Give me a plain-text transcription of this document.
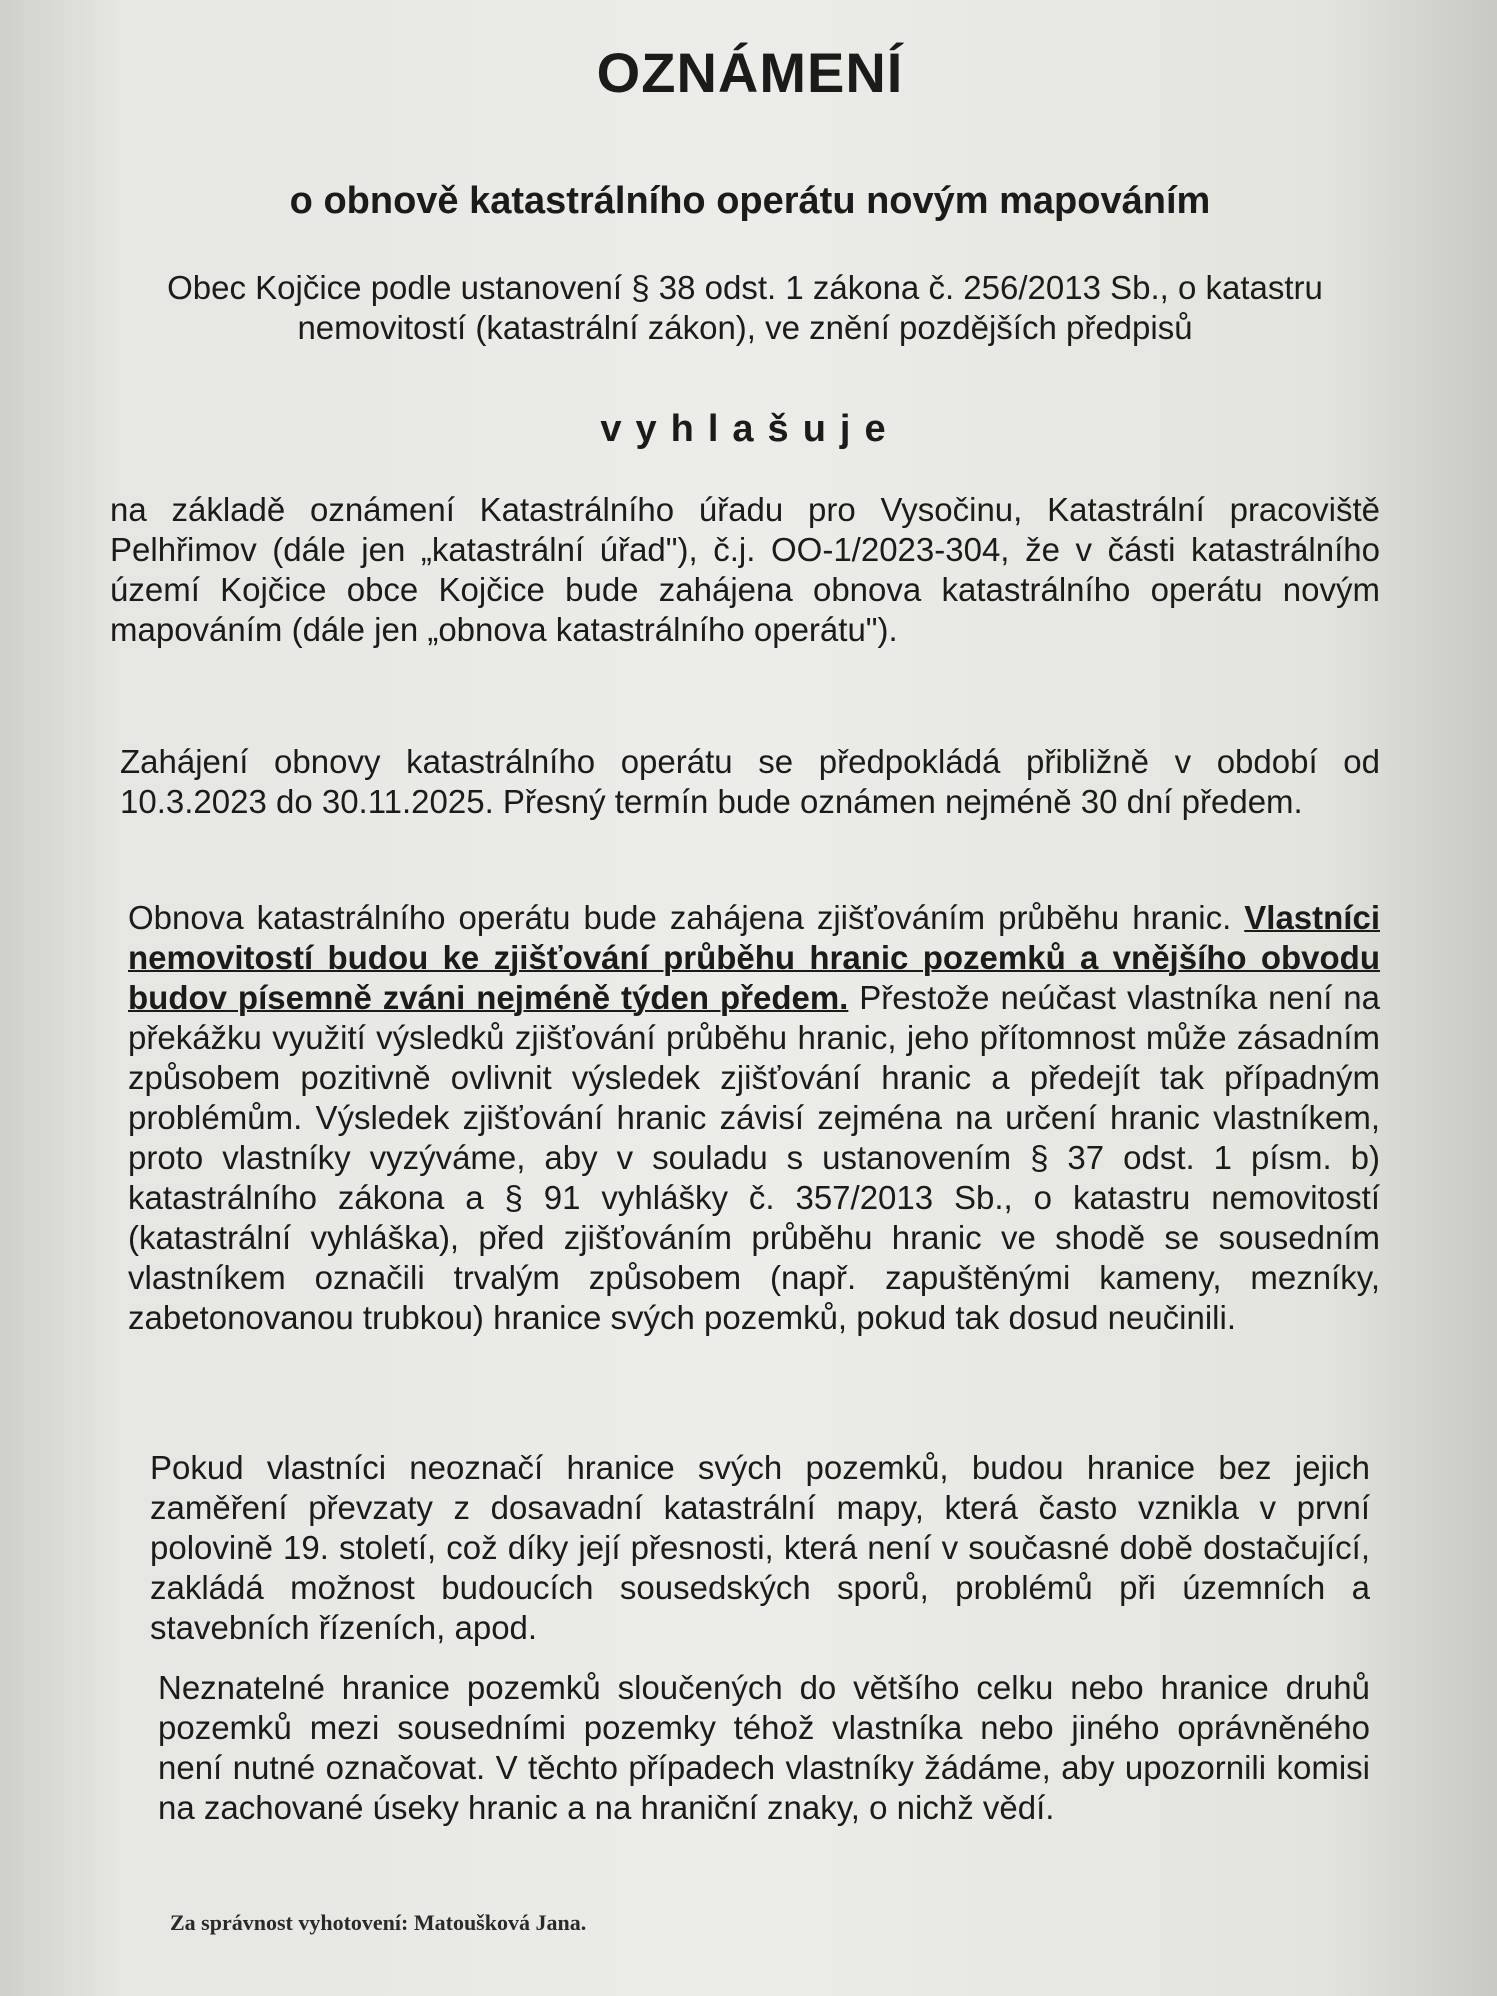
OZNÁMENÍ
o obnově katastrálního operátu novým mapováním

Obec Kojčice podle ustanovení § 38 odst. 1 zákona č. 256/2013 Sb., o katastru nemovitostí (katastrální zákon), ve znění pozdějších předpisů

vyhlašuje

na základě oznámení Katastrálního úřadu pro Vysočinu, Katastrální pracoviště Pelhřimov (dále jen „katastrální úřad"), č.j. OO-1/2023-304, že v části katastrálního území Kojčice obce Kojčice bude zahájena obnova katastrálního operátu novým mapováním (dále jen „obnova katastrálního operátu").

Zahájení obnovy katastrálního operátu se předpokládá přibližně v období od 10.3.2023 do 30.11.2025. Přesný termín bude oznámen nejméně 30 dní předem.

Obnova katastrálního operátu bude zahájena zjišťováním průběhu hranic. Vlastníci nemovitostí budou ke zjišťování průběhu hranic pozemků a vnějšího obvodu budov písemně zváni nejméně týden předem. Přestože neúčast vlastníka není na překážku využití výsledků zjišťování průběhu hranic, jeho přítomnost může zásadním způsobem pozitivně ovlivnit výsledek zjišťování hranic a předejít tak případným problémům. Výsledek zjišťování hranic závisí zejména na určení hranic vlastníkem, proto vlastníky vyzýváme, aby v souladu s ustanovením § 37 odst. 1 písm. b) katastrálního zákona a § 91 vyhlášky č. 357/2013 Sb., o katastru nemovitostí (katastrální vyhláška), před zjišťováním průběhu hranic ve shodě se sousedním vlastníkem označili trvalým způsobem (např. zapuštěnými kameny, mezníky, zabetonovanou trubkou) hranice svých pozemků, pokud tak dosud neučinili.

Pokud vlastníci neoznačí hranice svých pozemků, budou hranice bez jejich zaměření převzaty z dosavadní katastrální mapy, která často vznikla v první polovině 19. století, což díky její přesnosti, která není v současné době dostačující, zakládá možnost budoucích sousedských sporů, problémů při územních a stavebních řízeních, apod.

Neznatelné hranice pozemků sloučených do většího celku nebo hranice druhů pozemků mezi sousedními pozemky téhož vlastníka nebo jiného oprávněného není nutné označovat. V těchto případech vlastníky žádáme, aby upozornili komisi na zachované úseky hranic a na hraniční znaky, o nichž vědí.

Za správnost vyhotovení: Matoušková Jana.
